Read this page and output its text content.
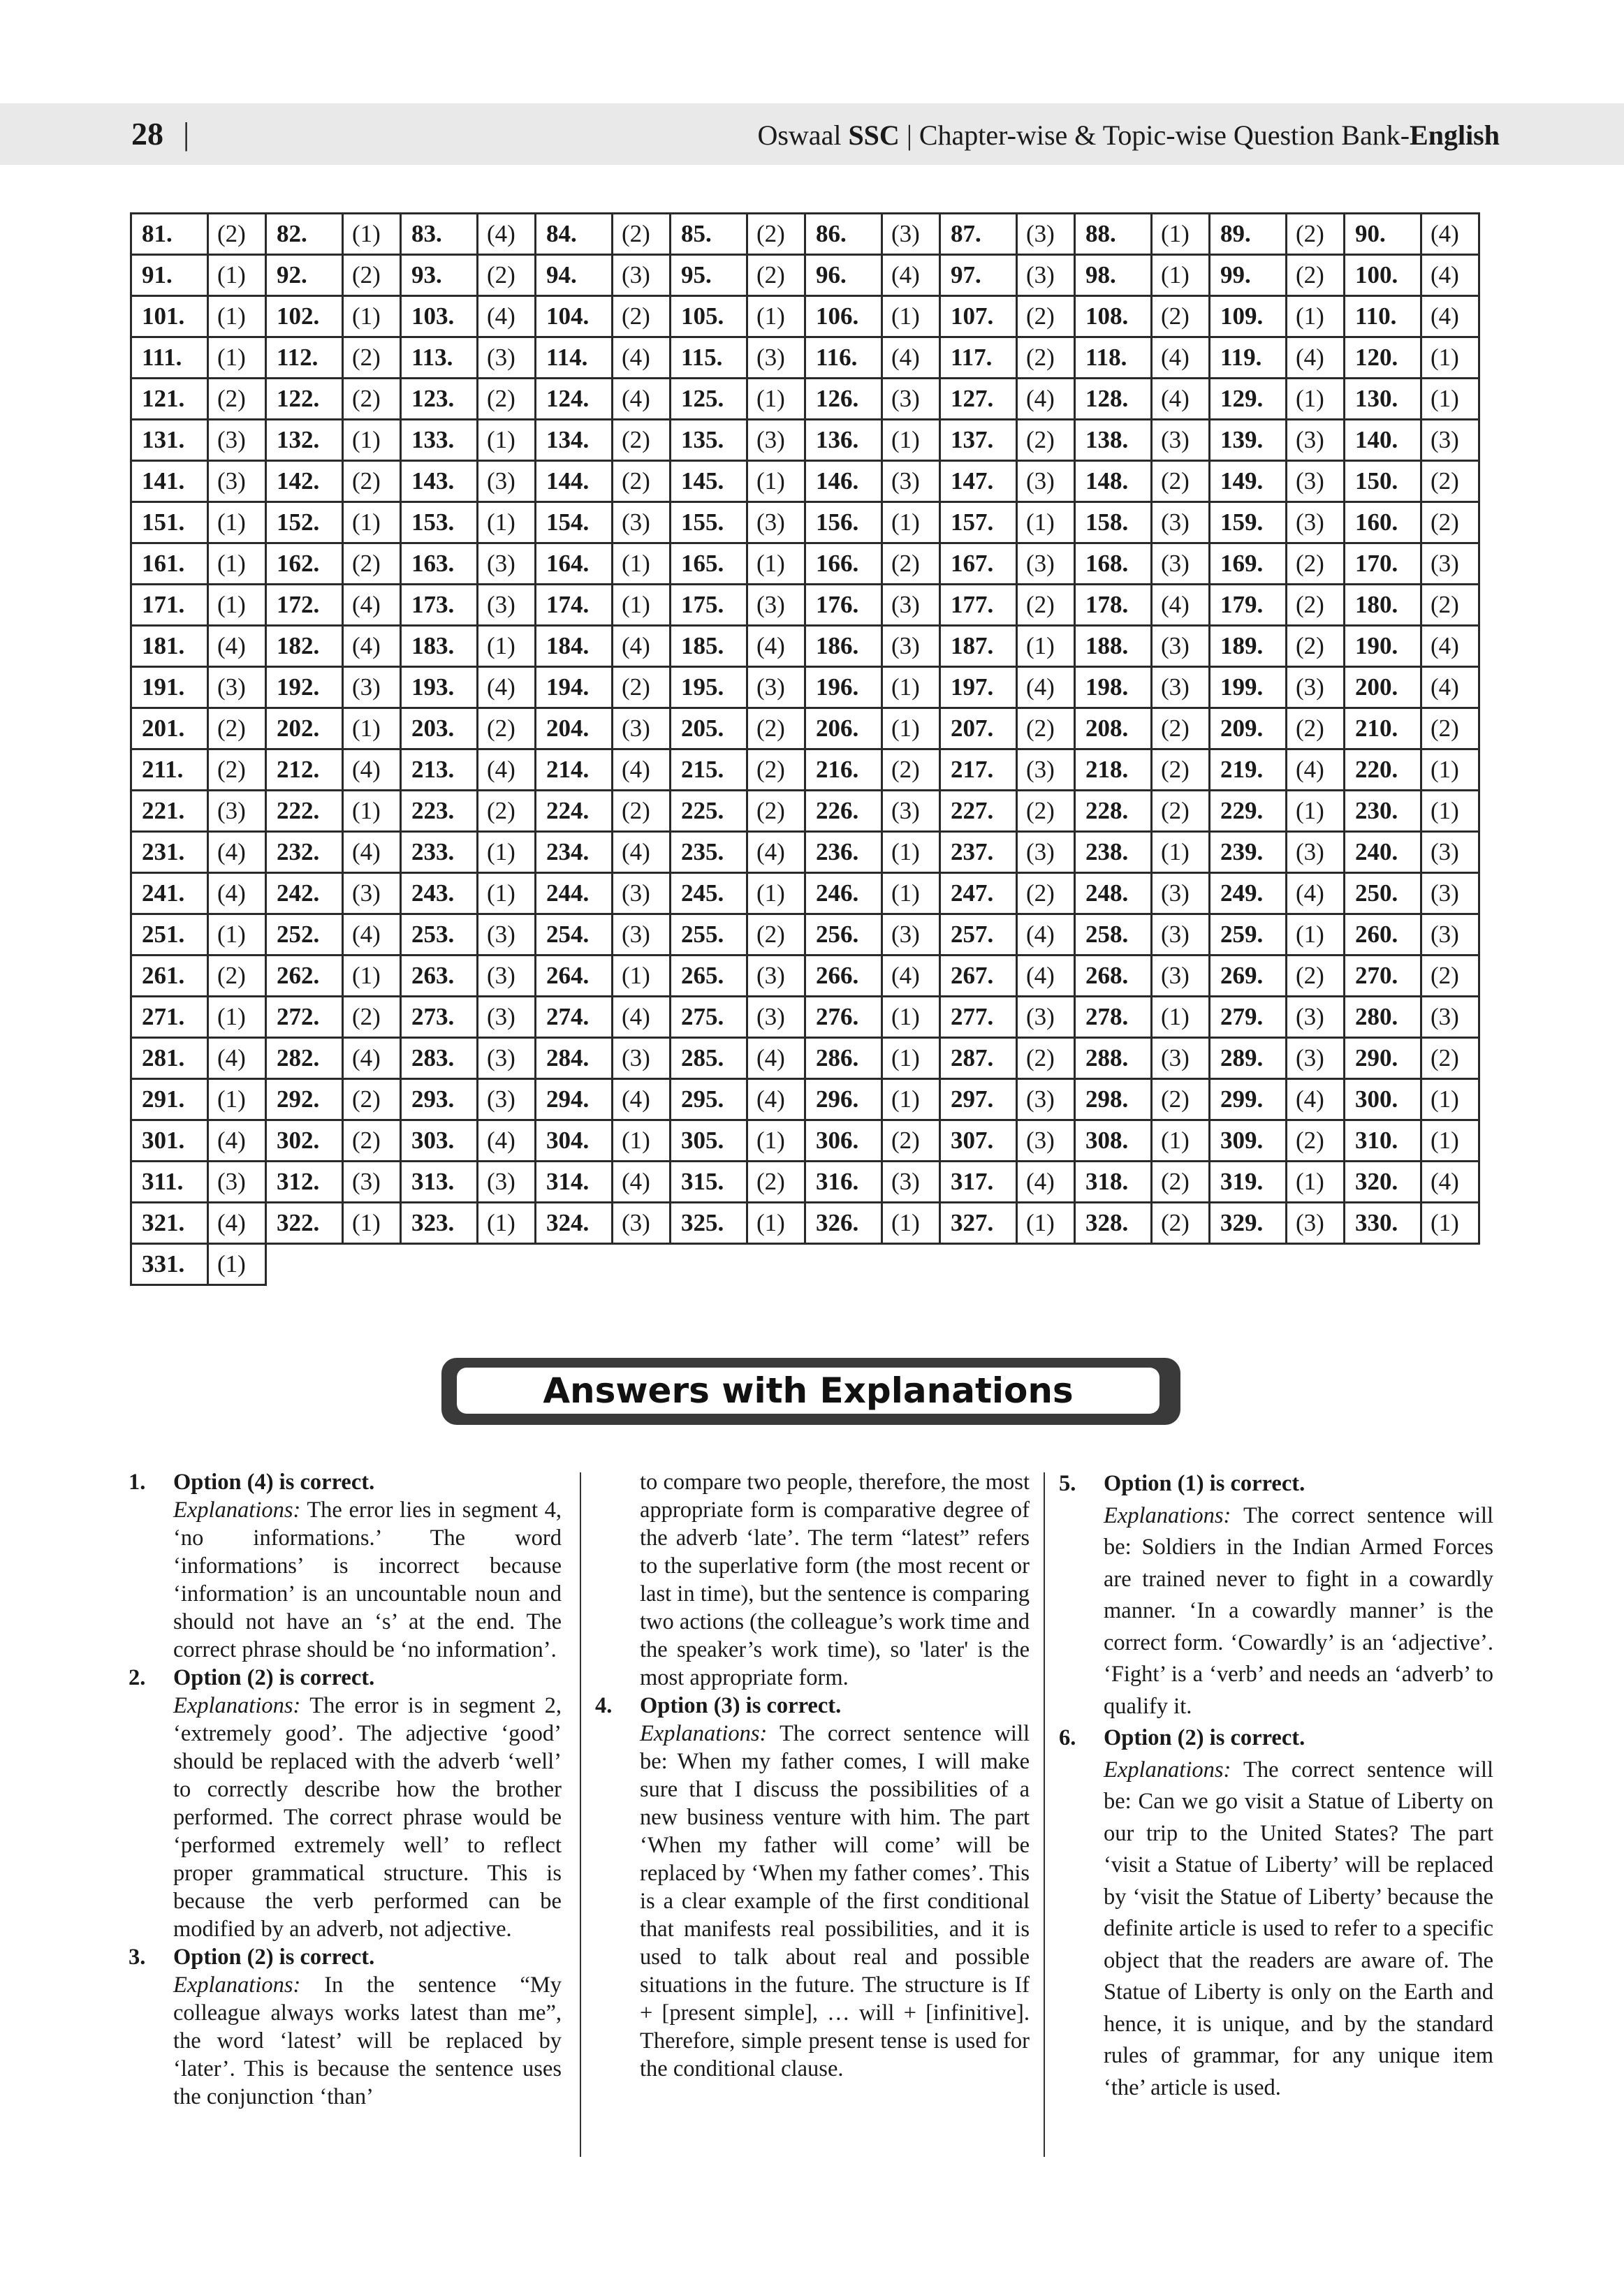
28 |	Oswaal SSC | Chapter-wise & Topic-wise Question Bank-English
81.	(2)	82.	(1)	83.	(4)	84.	(2)	85.	(2)	86.	(3)	87.	(3)	88.	(1)	89.	(2)	90.	(4)
91.	(1)	92.	(2)	93.	(2)	94.	(3)	95.	(2)	96.	(4)	97.	(3)	98.	(1)	99.	(2)	100.	(4)
101.	(1)	102.	(1)	103.	(4)	104.	(2)	105.	(1)	106.	(1)	107.	(2)	108.	(2)	109.	(1)	110.	(4)
111.	(1)	112.	(2)	113.	(3)	114.	(4)	115.	(3)	116.	(4)	117.	(2)	118.	(4)	119.	(4)	120.	(1)
121.	(2)	122.	(2)	123.	(2)	124.	(4)	125.	(1)	126.	(3)	127.	(4)	128.	(4)	129.	(1)	130.	(1)
131.	(3)	132.	(1)	133.	(1)	134.	(2)	135.	(3)	136.	(1)	137.	(2)	138.	(3)	139.	(3)	140.	(3)
141.	(3)	142.	(2)	143.	(3)	144.	(2)	145.	(1)	146.	(3)	147.	(3)	148.	(2)	149.	(3)	150.	(2)
151.	(1)	152.	(1)	153.	(1)	154.	(3)	155.	(3)	156.	(1)	157.	(1)	158.	(3)	159.	(3)	160.	(2)
161.	(1)	162.	(2)	163.	(3)	164.	(1)	165.	(1)	166.	(2)	167.	(3)	168.	(3)	169.	(2)	170.	(3)
171.	(1)	172.	(4)	173.	(3)	174.	(1)	175.	(3)	176.	(3)	177.	(2)	178.	(4)	179.	(2)	180.	(2)
181.	(4)	182.	(4)	183.	(1)	184.	(4)	185.	(4)	186.	(3)	187.	(1)	188.	(3)	189.	(2)	190.	(4)
191.	(3)	192.	(3)	193.	(4)	194.	(2)	195.	(3)	196.	(1)	197.	(4)	198.	(3)	199.	(3)	200.	(4)
201.	(2)	202.	(1)	203.	(2)	204.	(3)	205.	(2)	206.	(1)	207.	(2)	208.	(2)	209.	(2)	210.	(2)
211.	(2)	212.	(4)	213.	(4)	214.	(4)	215.	(2)	216.	(2)	217.	(3)	218.	(2)	219.	(4)	220.	(1)
221.	(3)	222.	(1)	223.	(2)	224.	(2)	225.	(2)	226.	(3)	227.	(2)	228.	(2)	229.	(1)	230.	(1)
231.	(4)	232.	(4)	233.	(1)	234.	(4)	235.	(4)	236.	(1)	237.	(3)	238.	(1)	239.	(3)	240.	(3)
241.	(4)	242.	(3)	243.	(1)	244.	(3)	245.	(1)	246.	(1)	247.	(2)	248.	(3)	249.	(4)	250.	(3)
251.	(1)	252.	(4)	253.	(3)	254.	(3)	255.	(2)	256.	(3)	257.	(4)	258.	(3)	259.	(1)	260.	(3)
261.	(2)	262.	(1)	263.	(3)	264.	(1)	265.	(3)	266.	(4)	267.	(4)	268.	(3)	269.	(2)	270.	(2)
271.	(1)	272.	(2)	273.	(3)	274.	(4)	275.	(3)	276.	(1)	277.	(3)	278.	(1)	279.	(3)	280.	(3)
281.	(4)	282.	(4)	283.	(3)	284.	(3)	285.	(4)	286.	(1)	287.	(2)	288.	(3)	289.	(3)	290.	(2)
291.	(1)	292.	(2)	293.	(3)	294.	(4)	295.	(4)	296.	(1)	297.	(3)	298.	(2)	299.	(4)	300.	(1)
301.	(4)	302.	(2)	303.	(4)	304.	(1)	305.	(1)	306.	(2)	307.	(3)	308.	(1)	309.	(2)	310.	(1)
311.	(3)	312.	(3)	313.	(3)	314.	(4)	315.	(2)	316.	(3)	317.	(4)	318.	(2)	319.	(1)	320.	(4)
321.	(4)	322.	(1)	323.	(1)	324.	(3)	325.	(1)	326.	(1)	327.	(1)	328.	(2)	329.	(3)	330.	(1)
331.	(1)																		
Answers with Explanations
1. Option (4) is correct.
Explanations: The error lies in segment 4, ‘no informations.’ The word ‘informations’ is incorrect because ‘information’ is an uncountable noun and should not have an ‘s’ at the end. The correct phrase should be ‘no information’.
2. Option (2) is correct.
Explanations: The error is in segment 2, ‘extremely good’. The adjective ‘good’ should be replaced with the adverb ‘well’ to correctly describe how the brother performed. The correct phrase would be ‘performed extremely well’ to reflect proper grammatical structure. This is because the verb performed can be modified by an adverb, not adjective.
3. Option (2) is correct.
Explanations: In the sentence “My colleague always works latest than me”, the word ‘latest’ will be replaced by ‘later’. This is because the sentence uses the conjunction ‘than’
to compare two people, therefore, the most appropriate form is comparative degree of the adverb ‘late’. The term “latest” refers to the superlative form (the most recent or last in time), but the sentence is comparing two actions (the colleague’s work time and the speaker’s work time), so 'later' is the most appropriate form.
4. Option (3) is correct.
Explanations: The correct sentence will be: When my father comes, I will make sure that I discuss the possibilities of a new business venture with him. The part ‘When my father will come’ will be replaced by ‘When my father comes’. This is a clear example of the first conditional that manifests real possibilities, and it is used to talk about real and possible situations in the future. The structure is If + [present simple], … will + [infinitive]. Therefore, simple present tense is used for the conditional clause.
5. Option (1) is correct.
Explanations: The correct sentence will be: Soldiers in the Indian Armed Forces are trained never to fight in a cowardly manner. ‘In a cowardly manner’ is the correct form. ‘Cowardly’ is an ‘adjective’. ‘Fight’ is a ‘verb’ and needs an ‘adverb’ to qualify it.
6. Option (2) is correct.
Explanations: The correct sentence will be: Can we go visit a Statue of Liberty on our trip to the United States? The part ‘visit a Statue of Liberty’ will be replaced by ‘visit the Statue of Liberty’ because the definite article is used to refer to a specific object that the readers are aware of. The Statue of Liberty is only on the Earth and hence, it is unique, and by the standard rules of grammar, for any unique item ‘the’ article is used.
